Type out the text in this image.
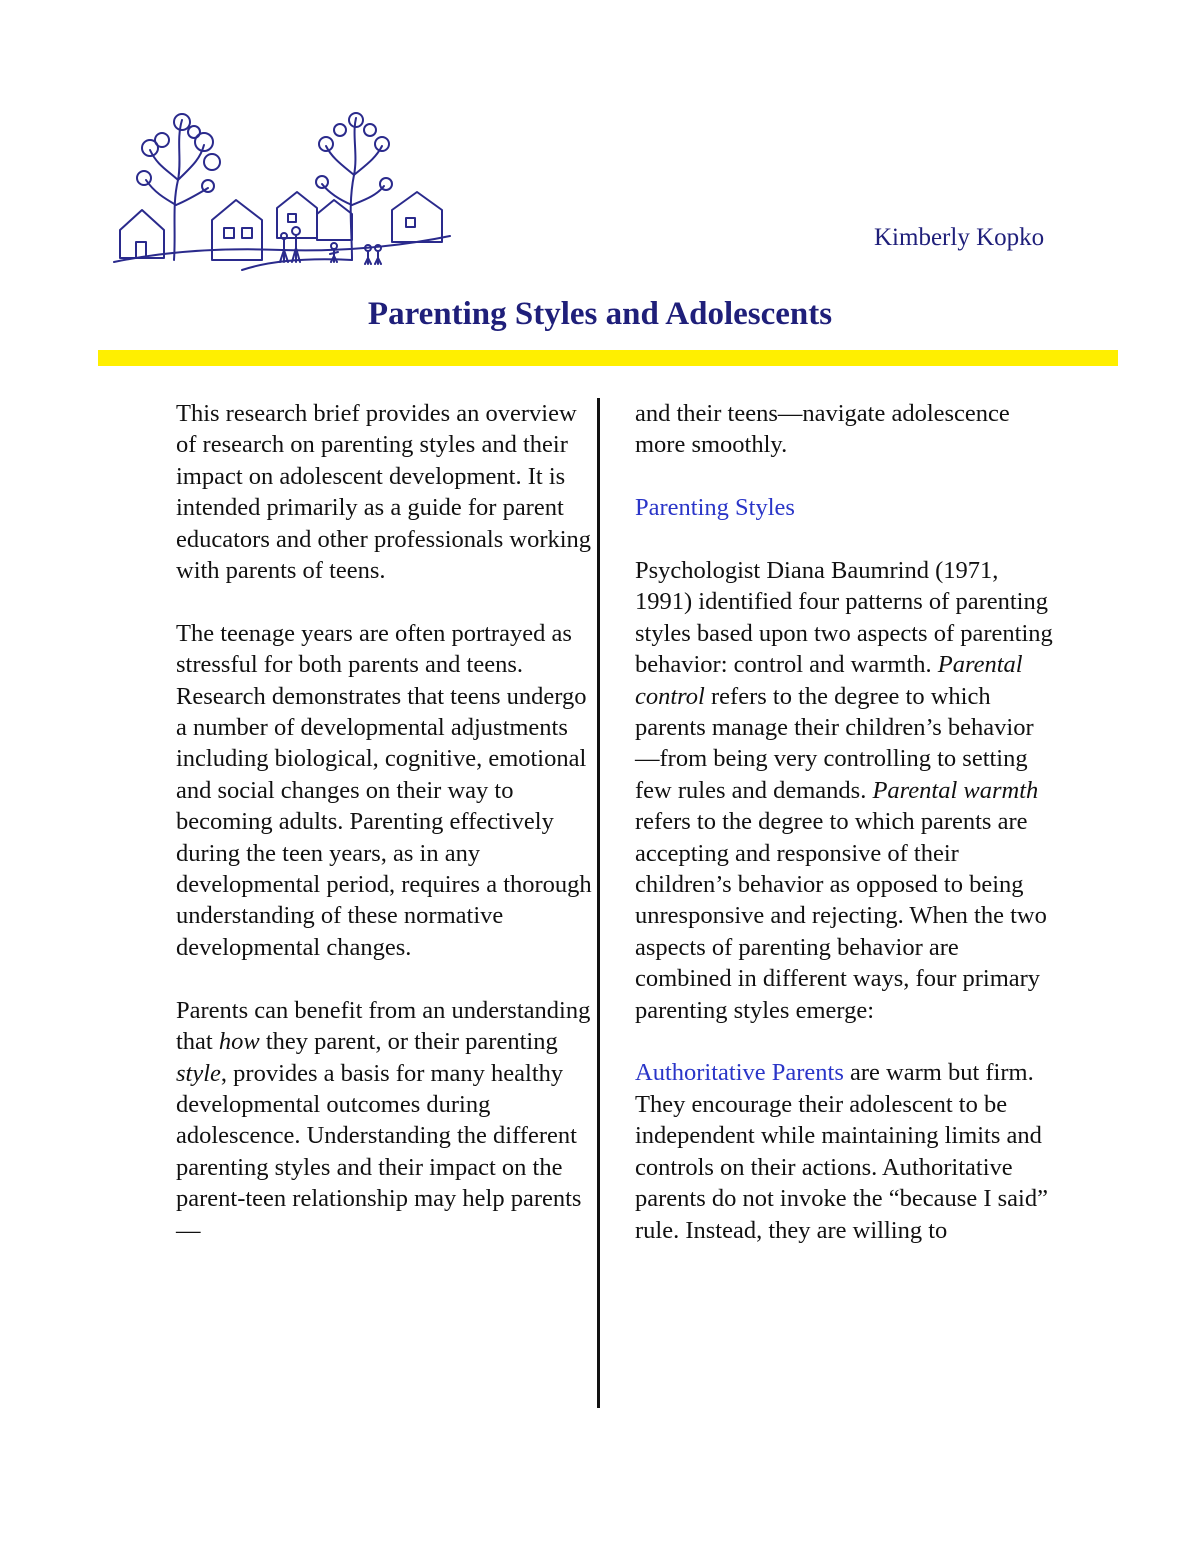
Kimberly Kopko
Parenting Styles and Adolescents

This research brief provides an overview of research on parenting styles and their impact on adolescent development. It is intended primarily as a guide for parent educators and other professionals working with parents of teens.

The teenage years are often portrayed as stressful for both parents and teens. Research demonstrates that teens undergo a number of developmental adjustments including biological, cognitive, emotional and social changes on their way to becoming adults. Parenting effectively during the teen years, as in any developmental period, requires a thorough understanding of these normative developmental changes.

Parents can benefit from an understanding that how they parent, or their parenting style, provides a basis for many healthy developmental outcomes during adolescence. Understanding the different parenting styles and their impact on the parent-teen relationship may help parents—

and their teens—navigate adolescence more smoothly.

Parenting Styles

Psychologist Diana Baumrind (1971, 1991) identified four patterns of parenting styles based upon two aspects of parenting behavior: control and warmth. Parental control refers to the degree to which parents manage their children’s behavior—from being very controlling to setting few rules and demands. Parental warmth refers to the degree to which parents are accepting and responsive of their children’s behavior as opposed to being unresponsive and rejecting. When the two aspects of parenting behavior are combined in different ways, four primary parenting styles emerge:

Authoritative Parents are warm but firm. They encourage their adolescent to be independent while maintaining limits and controls on their actions. Authoritative parents do not invoke the “because I said” rule. Instead, they are willing to
